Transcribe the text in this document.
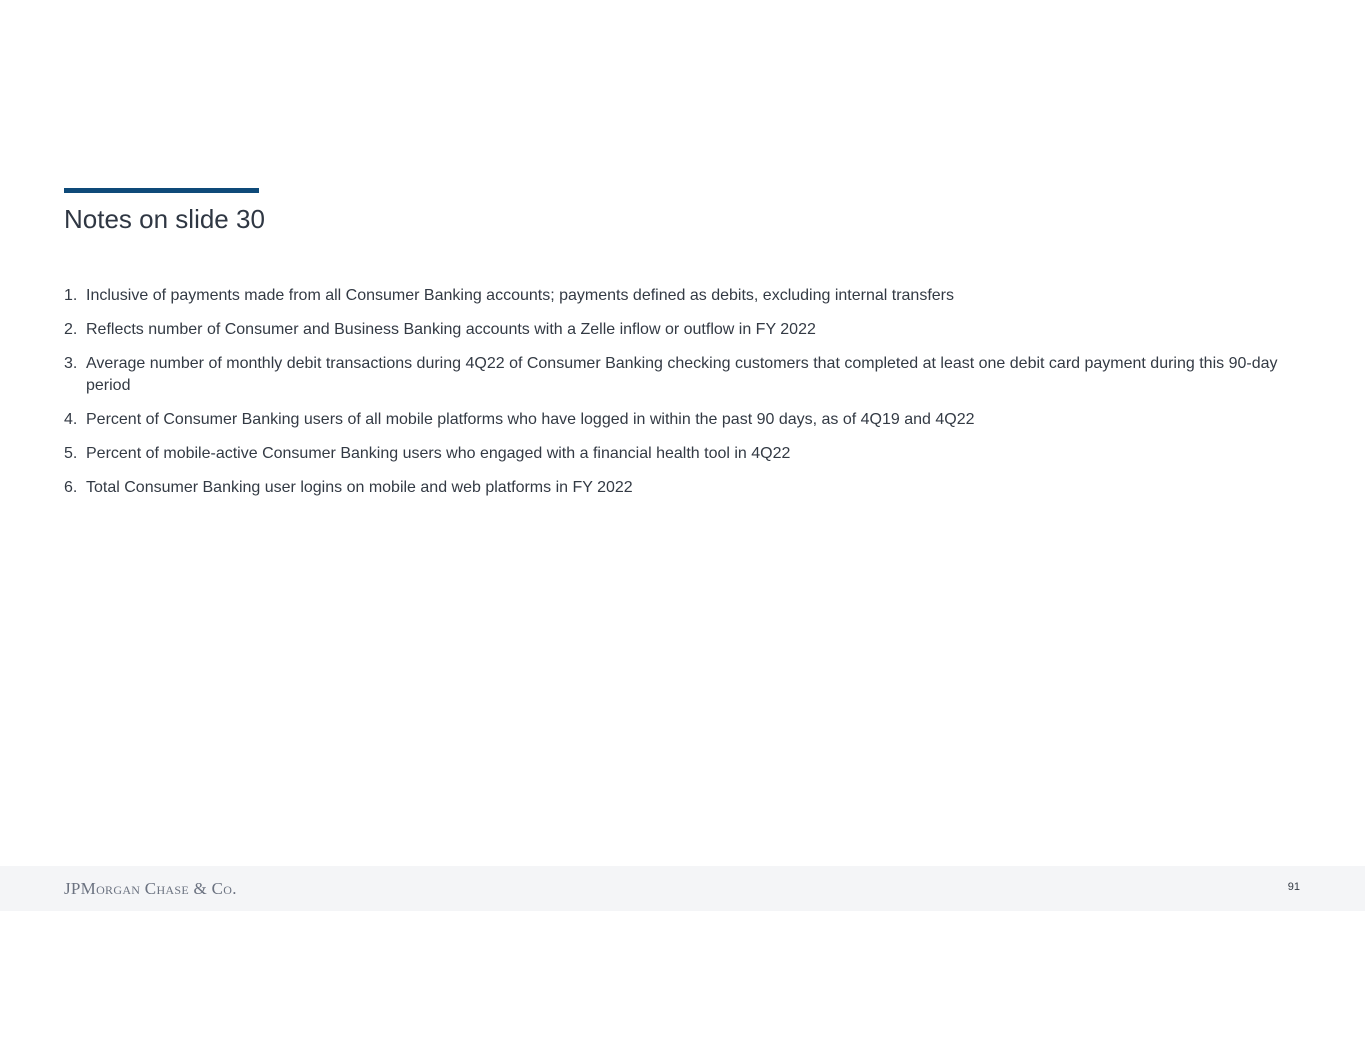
Notes on slide 30
1. Inclusive of payments made from all Consumer Banking accounts; payments defined as debits, excluding internal transfers
2. Reflects number of Consumer and Business Banking accounts with a Zelle inflow or outflow in FY 2022
3. Average number of monthly debit transactions during 4Q22 of Consumer Banking checking customers that completed at least one debit card payment during this 90-day period
4. Percent of Consumer Banking users of all mobile platforms who have logged in within the past 90 days, as of 4Q19 and 4Q22
5. Percent of mobile-active Consumer Banking users who engaged with a financial health tool in 4Q22
6. Total Consumer Banking user logins on mobile and web platforms in FY 2022
JPMorgan Chase & Co.	91
